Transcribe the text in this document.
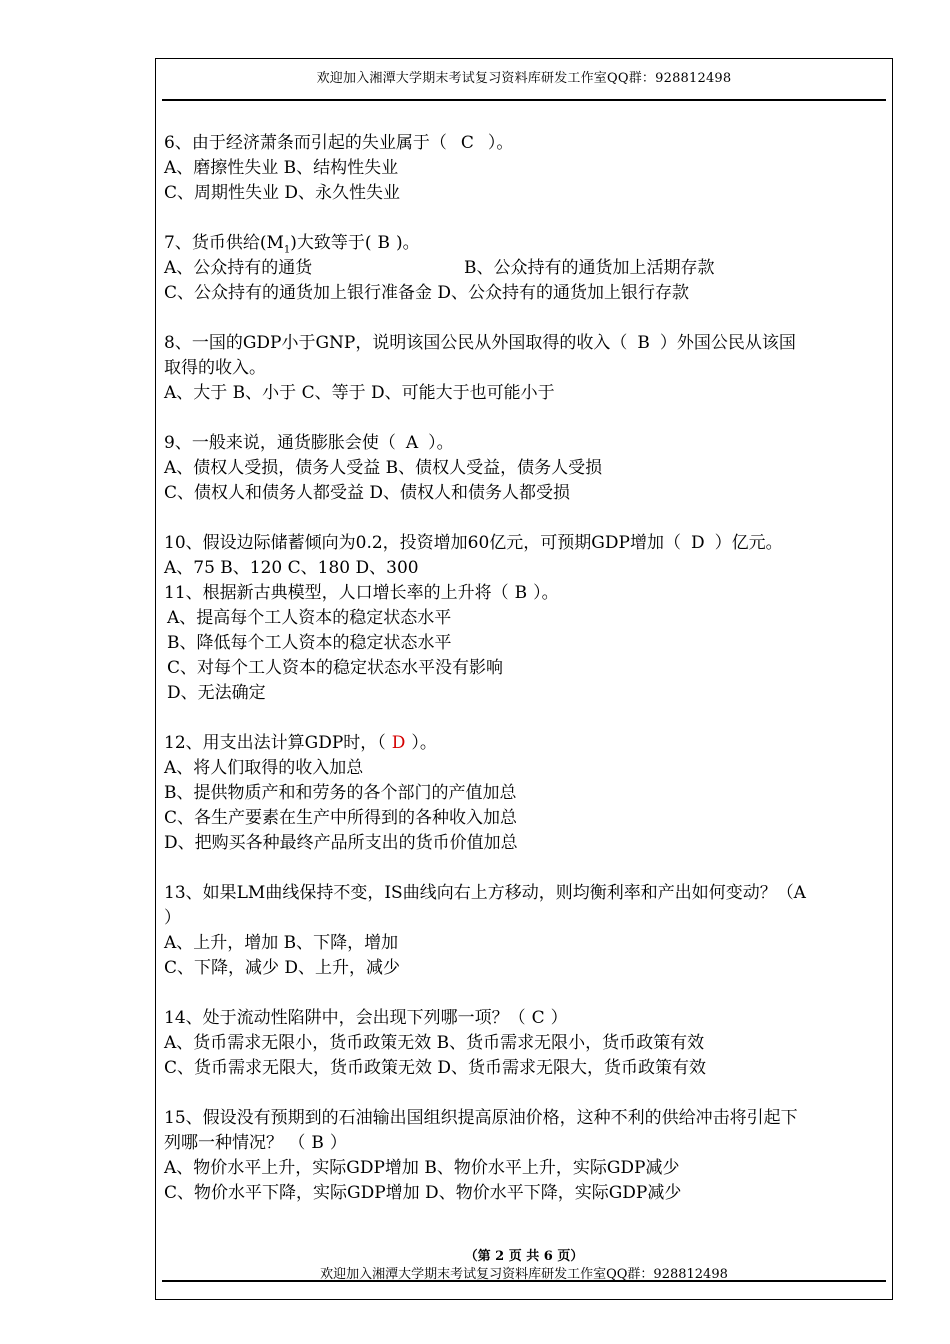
欢迎加入湘潭大学期末考试复习资料库研发工作室QQ群：928812498
6、由于经济萧条而引起的失业属于（ C ）。
A、磨擦性失业 B、结构性失业
C、周期性失业 D、永久性失业
7、货币供给$(M_1)$大致等于( B )。
A、公众持有的通货	B、公众持有的通货加上活期存款
C、公众持有的通货加上银行准备金 D、公众持有的通货加上银行存款
8、一国的GDP小于GNP，说明该国公民从外国取得的收入（ B ）外国公民从该国
取得的收入。
A、大于 B、小于 C、等于 D、可能大于也可能小于
9、一般来说，通货膨胀会使（ A ）。
A、债权人受损，债务人受益 B、债权人受益，债务人受损
C、债权人和债务人都受益 D、债权人和债务人都受损
10、假设边际储蓄倾向为0.2，投资增加60亿元，可预期GDP增加（ D ）亿元。
A、75 B、120 C、180 D、300
11、根据新古典模型，人口增长率的上升将（ B ）。
A、提高每个工人资本的稳定状态水平
B、降低每个工人资本的稳定状态水平
C、对每个工人资本的稳定状态水平没有影响
D、无法确定
12、用支出法计算GDP时，（ D ）。
A、将人们取得的收入加总
B、提供物质产和和劳务的各个部门的产值加总
C、各生产要素在生产中所得到的各种收入加总
D、把购买各种最终产品所支出的货币价值加总
13、如果LM曲线保持不变，IS曲线向右上方移动，则均衡利率和产出如何变动？（A
）
A、上升，增加 B、下降，增加
C、下降，减少 D、上升，减少
14、处于流动性陷阱中，会出现下列哪一项？（ C ）
A、货币需求无限小，货币政策无效 B、货币需求无限小，货币政策有效
C、货币需求无限大，货币政策无效 D、货币需求无限大，货币政策有效
15、假设没有预期到的石油输出国组织提高原油价格，这种不利的供给冲击将引起下
列哪一种情况？ （ B ）
A、物价水平上升，实际GDP增加 B、物价水平上升，实际GDP减少
C、物价水平下降，实际GDP增加 D、物价水平下降，实际GDP减少
（第 2 页 共 6 页）
欢迎加入湘潭大学期末考试复习资料库研发工作室QQ群：928812498
